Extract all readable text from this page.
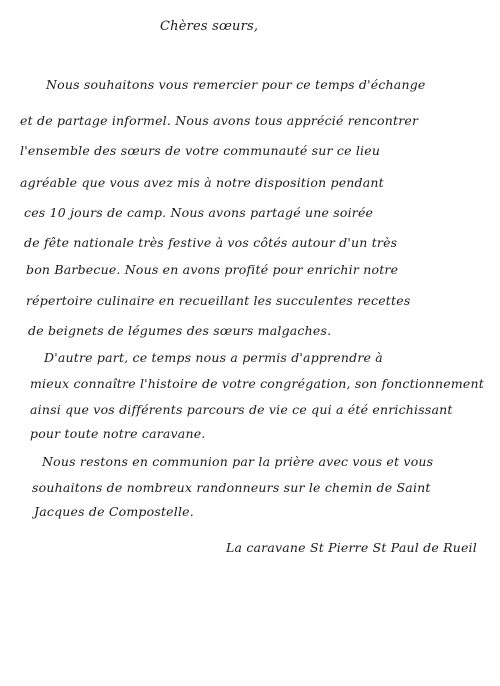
Chères sœurs,
Nous souhaitons vous remercier pour ce temps d'échange
et de partage informel. Nous avons tous apprécié rencontrer
l'ensemble des sœurs de votre communauté sur ce lieu
agréable que vous avez mis à notre disposition pendant
ces 10 jours de camp. Nous avons partagé une soirée
de fête nationale très festive à vos côtés autour d'un très
bon Barbecue. Nous en avons profité pour enrichir notre
répertoire culinaire en recueillant les succulentes recettes
de beignets de légumes des sœurs malgaches.
D'autre part, ce temps nous a permis d'apprendre à
mieux connaître l'histoire de votre congrégation, son fonctionnement
ainsi que vos différents parcours de vie ce qui a été enrichissant
pour toute notre caravane.
Nous restons en communion par la prière avec vous et vous
souhaitons de nombreux randonneurs sur le chemin de Saint
Jacques de Compostelle.
La caravane St Pierre St Paul de Rueil
